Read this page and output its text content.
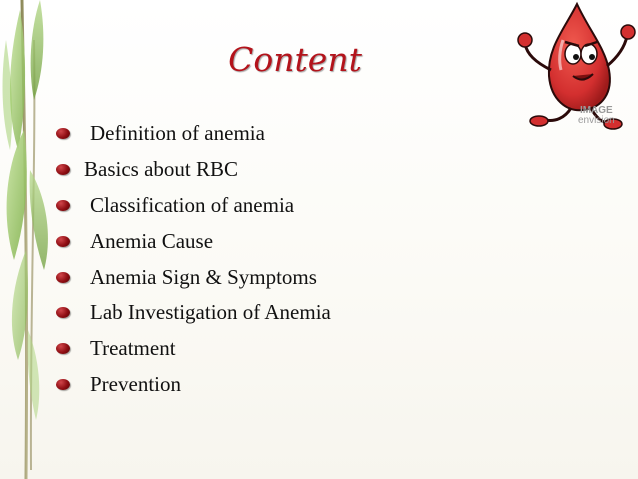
Content
IMAGE
envision
Definition of anemia
Basics about RBC
Classification of anemia
Anemia Cause
Anemia Sign & Symptoms
Lab Investigation of Anemia
Treatment
Prevention
